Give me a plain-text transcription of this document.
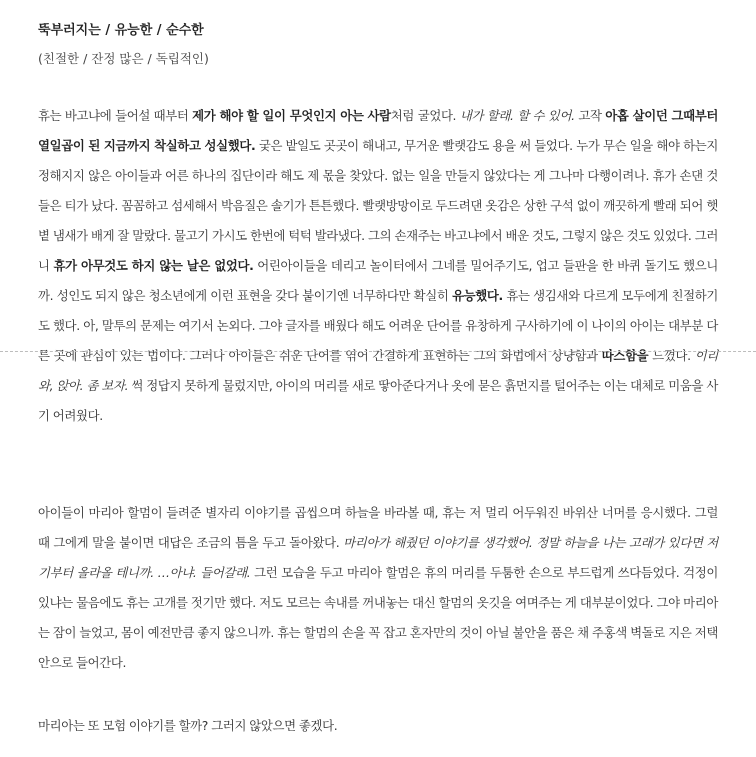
뚝부러지는 / 유능한 / 순수한

(친절한 / 잔정 많은 / 독립적인)

휴는 바고냐에 들어설 때부터 제가 해야 할 일이 무엇인지 아는 사람처럼 굴었다. 내가 할래. 할 수 있어. 고작 아홉 살이던 그때부터 열일곱이 된 지금까지 착실하고 성실했다. 궂은 밭일도 곳곳이 해내고, 무거운 빨랫감도 용을 써 들었다. 누가 무슨 일을 해야 하는지 정해지지 않은 아이들과 어른 하나의 집단이라 해도 제 몫을 찾았다. 없는 일을 만들지 않았다는 게 그나마 다행이려나. 휴가 손댄 것들은 티가 났다. 꼼꼼하고 섬세해서 박음질은 솔기가 튼튼했다. 빨랫방망이로 두드려댄 옷감은 상한 구석 없이 깨끗하게 빨래 되어 햇볕 냄새가 배게 잘 말랐다. 물고기 가시도 한번에 턱턱 발라냈다. 그의 손재주는 바고냐에서 배운 것도, 그렇지 않은 것도 있었다. 그러니 휴가 아무것도 하지 않는 날은 없었다. 어린아이들을 데리고 놀이터에서 그네를 밀어주기도, 업고 들판을 한 바퀴 돌기도 했으니까. 성인도 되지 않은 청소년에게 이런 표현을 갖다 붙이기엔 너무하다만 확실히 유능했다. 휴는 생김새와 다르게 모두에게 친절하기도 했다. 아, 말투의 문제는 여기서 논외다. 그야 글자를 배웠다 해도 어려운 단어를 유창하게 구사하기에 이 나이의 아이는 대부분 다른 곳에 관심이 있는 법이다. 그러나 아이들은 쉬운 단어를 엮어 간결하게 표현하는 그의 화법에서 상냥함과 따스함을 느꼈다. 이리 와, 앉아. 좀 보자. 썩 정답지 못하게 물렀지만, 아이의 머리를 새로 땋아준다거나 옷에 묻은 흙먼지를 털어주는 이는 대체로 미움을 사기 어려웠다.

아이들이 마리아 할멈이 들려준 별자리 이야기를 곱씹으며 하늘을 바라볼 때, 휴는 저 멀리 어두워진 바위산 너머를 응시했다. 그럴 때 그에게 말을 붙이면 대답은 조금의 틈을 두고 돌아왔다. 마리아가 해줬던 이야기를 생각했어. 정말 하늘을 나는 고래가 있다면 저기부터 올라올 테니까. …아냐. 들어갈래. 그런 모습을 두고 마리아 할멈은 휴의 머리를 두툼한 손으로 부드럽게 쓰다듬었다. 걱정이 있냐는 물음에도 휴는 고개를 젓기만 했다. 저도 모르는 속내를 꺼내놓는 대신 할멈의 옷깃을 여며주는 게 대부분이었다. 그야 마리아는 잠이 늘었고, 몸이 예전만큼 좋지 않으니까. 휴는 할멈의 손을 꼭 잡고 혼자만의 것이 아닐 불안을 품은 채 주홍색 벽돌로 지은 저택 안으로 들어간다.

마리아는 또 모험 이야기를 할까? 그러지 않았으면 좋겠다.
